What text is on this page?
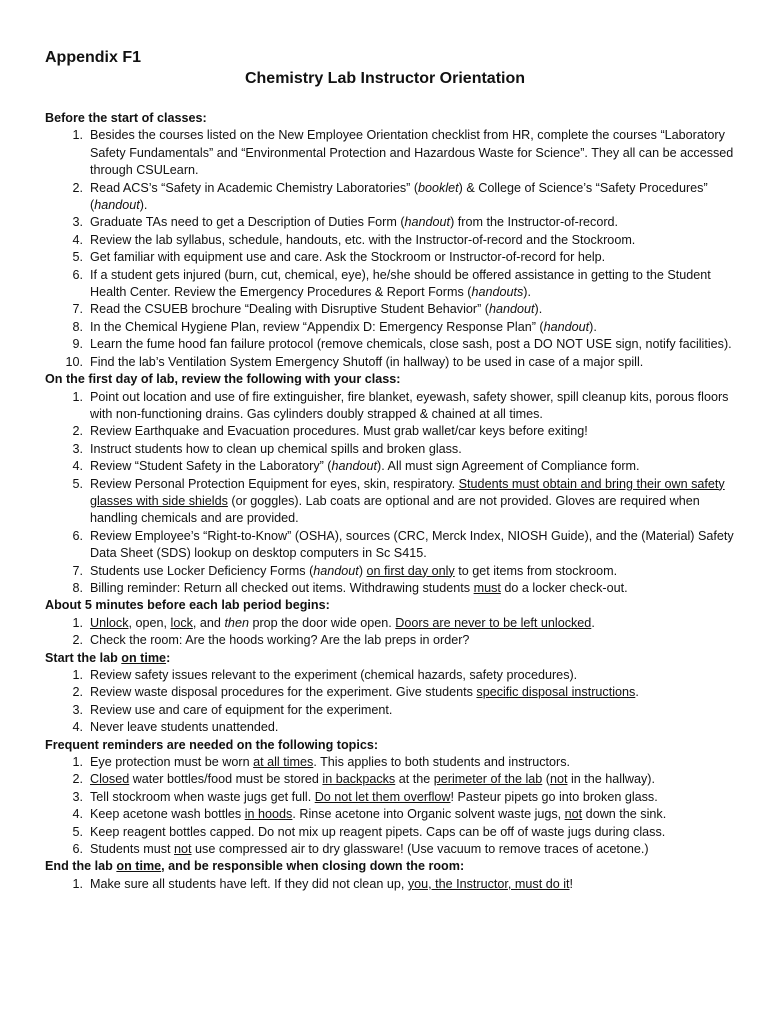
Appendix F1
Chemistry Lab Instructor Orientation

Before the start of classes:

1. Besides the courses listed on the New Employee Orientation checklist from HR, complete the courses “Laboratory Safety Fundamentals” and “Environmental Protection and Hazardous Waste for Science”. They all can be accessed through CSULearn.
2. Read ACS’s “Safety in Academic Chemistry Laboratories” (booklet) & College of Science’s “Safety Procedures” (handout).
3. Graduate TAs need to get a Description of Duties Form (handout) from the Instructor-of-record.
4. Review the lab syllabus, schedule, handouts, etc. with the Instructor-of-record and the Stockroom.
5. Get familiar with equipment use and care. Ask the Stockroom or Instructor-of-record for help.
6. If a student gets injured (burn, cut, chemical, eye), he/she should be offered assistance in getting to the Student Health Center. Review the Emergency Procedures & Report Forms (handouts).
7. Read the CSUEB brochure “Dealing with Disruptive Student Behavior” (handout).
8. In the Chemical Hygiene Plan, review “Appendix D: Emergency Response Plan” (handout).
9. Learn the fume hood fan failure protocol (remove chemicals, close sash, post a DO NOT USE sign, notify facilities).
10. Find the lab’s Ventilation System Emergency Shutoff (in hallway) to be used in case of a major spill.

On the first day of lab, review the following with your class:

1. Point out location and use of fire extinguisher, fire blanket, eyewash, safety shower, spill cleanup kits, porous floors with non-functioning drains. Gas cylinders doubly strapped & chained at all times.
2. Review Earthquake and Evacuation procedures. Must grab wallet/car keys before exiting!
3. Instruct students how to clean up chemical spills and broken glass.
4. Review “Student Safety in the Laboratory” (handout). All must sign Agreement of Compliance form.
5. Review Personal Protection Equipment for eyes, skin, respiratory. Students must obtain and bring their own safety glasses with side shields (or goggles). Lab coats are optional and are not provided. Gloves are required when handling chemicals and are provided.
6. Review Employee’s “Right-to-Know” (OSHA), sources (CRC, Merck Index, NIOSH Guide), and the (Material) Safety Data Sheet (SDS) lookup on desktop computers in Sc S415.
7. Students use Locker Deficiency Forms (handout) on first day only to get items from stockroom.
8. Billing reminder: Return all checked out items. Withdrawing students must do a locker check-out.

About 5 minutes before each lab period begins:

1. Unlock, open, lock, and then prop the door wide open. Doors are never to be left unlocked.
2. Check the room: Are the hoods working? Are the lab preps in order?

Start the lab on time:

1. Review safety issues relevant to the experiment (chemical hazards, safety procedures).
2. Review waste disposal procedures for the experiment. Give students specific disposal instructions.
3. Review use and care of equipment for the experiment.
4. Never leave students unattended.

Frequent reminders are needed on the following topics:

1. Eye protection must be worn at all times. This applies to both students and instructors.
2. Closed water bottles/food must be stored in backpacks at the perimeter of the lab (not in the hallway).
3. Tell stockroom when waste jugs get full. Do not let them overflow! Pasteur pipets go into broken glass.
4. Keep acetone wash bottles in hoods. Rinse acetone into Organic solvent waste jugs, not down the sink.
5. Keep reagent bottles capped. Do not mix up reagent pipets. Caps can be off of waste jugs during class.
6. Students must not use compressed air to dry glassware! (Use vacuum to remove traces of acetone.)

End the lab on time, and be responsible when closing down the room:

1. Make sure all students have left. If they did not clean up, you, the Instructor, must do it!
